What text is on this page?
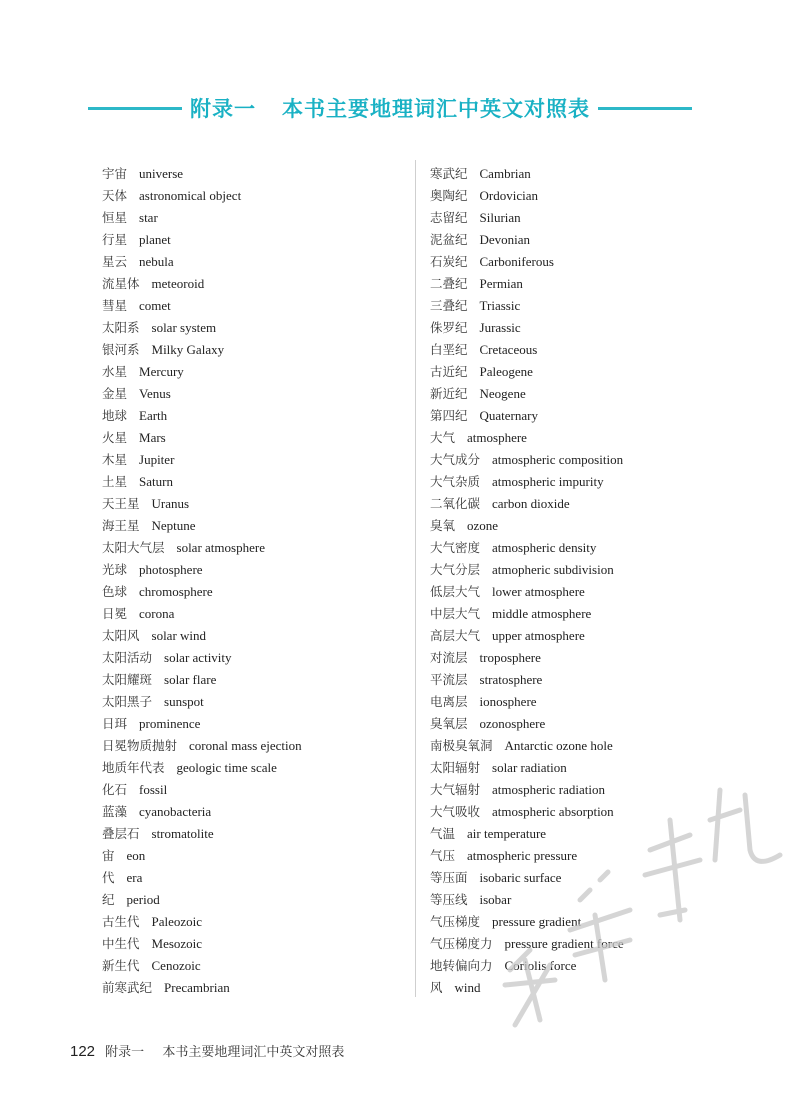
附录一 本书主要地理词汇中英文对照表
宇宙 universe
天体 astronomical object
恒星 star
行星 planet
星云 nebula
流星体 meteoroid
彗星 comet
太阳系 solar system
银河系 Milky Galaxy
水星 Mercury
金星 Venus
地球 Earth
火星 Mars
木星 Jupiter
土星 Saturn
天王星 Uranus
海王星 Neptune
太阳大气层 solar atmosphere
光球 photosphere
色球 chromosphere
日冕 corona
太阳风 solar wind
太阳活动 solar activity
太阳耀斑 solar flare
太阳黑子 sunspot
日珥 prominence
日冕物质抛射 coronal mass ejection
地质年代表 geologic time scale
化石 fossil
蓝藻 cyanobacteria
叠层石 stromatolite
宙 eon
代 era
纪 period
古生代 Paleozoic
中生代 Mesozoic
新生代 Cenozoic
前寒武纪 Precambrian
寒武纪 Cambrian
奥陶纪 Ordovician
志留纪 Silurian
泥盆纪 Devonian
石炭纪 Carboniferous
二叠纪 Permian
三叠纪 Triassic
侏罗纪 Jurassic
白垩纪 Cretaceous
古近纪 Paleogene
新近纪 Neogene
第四纪 Quaternary
大气 atmosphere
大气成分 atmospheric composition
大气杂质 atmospheric impurity
二氧化碳 carbon dioxide
臭氧 ozone
大气密度 atmospheric density
大气分层 atmopheric subdivision
低层大气 lower atmosphere
中层大气 middle atmosphere
高层大气 upper atmosphere
对流层 troposphere
平流层 stratosphere
电离层 ionosphere
臭氧层 ozonosphere
南极臭氧洞 Antarctic ozone hole
太阳辐射 solar radiation
大气辐射 atmospheric radiation
大气吸收 atmospheric absorption
气温 air temperature
气压 atmospheric pressure
等压面 isobaric surface
等压线 isobar
气压梯度 pressure gradient
气压梯度力 pressure gradient force
地转偏向力 Coriolis force
风 wind
122 附录一 本书主要地理词汇中英文对照表
